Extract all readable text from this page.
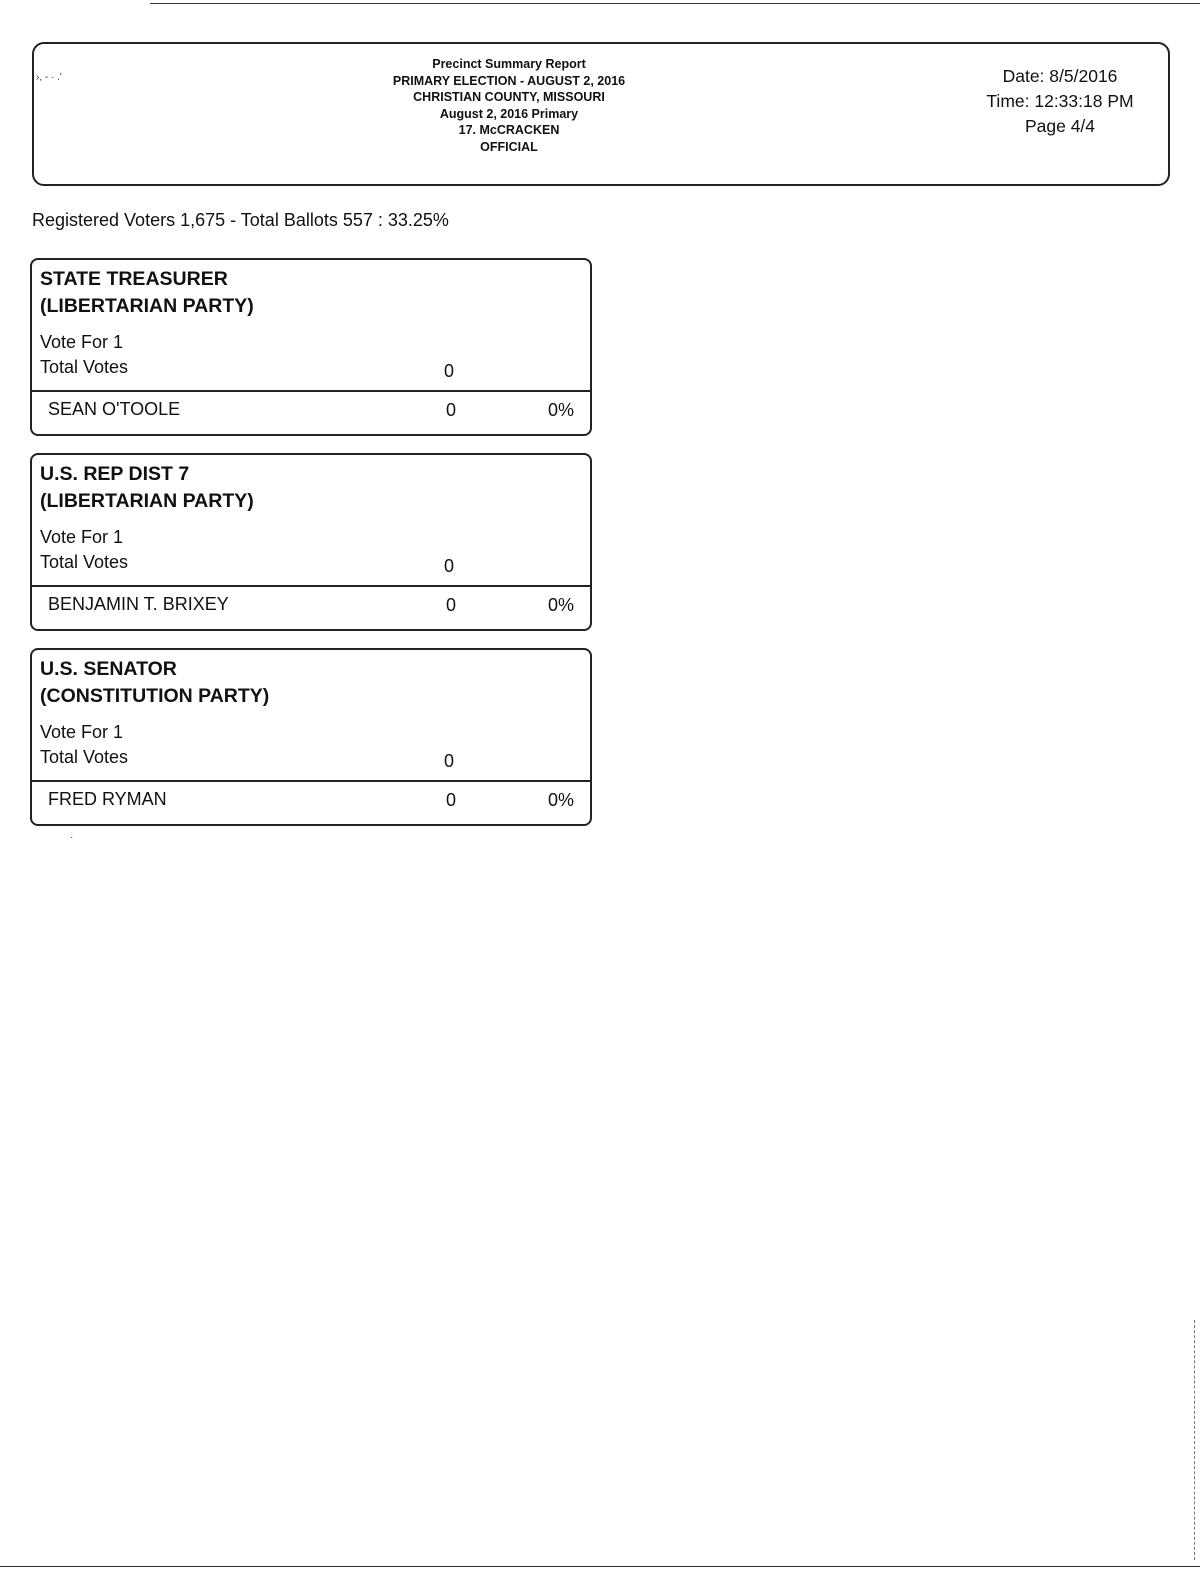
›, ‐ · .'
Precinct Summary Report
PRIMARY ELECTION - AUGUST 2, 2016
CHRISTIAN COUNTY, MISSOURI
August 2, 2016 Primary
17. McCRACKEN
OFFICIAL
Date: 8/5/2016
Time: 12:33:18 PM
Page 4/4
Registered Voters 1,675 - Total Ballots 557 : 33.25%
STATE TREASURER
(LIBERTARIAN PARTY)
Vote For 1
Total Votes	0
SEAN O'TOOLE	0	0%
U.S. REP DIST 7
(LIBERTARIAN PARTY)
Vote For 1
Total Votes	0
BENJAMIN T. BRIXEY	0	0%
U.S. SENATOR
(CONSTITUTION PARTY)
Vote For 1
Total Votes	0
FRED RYMAN	0	0%
·
